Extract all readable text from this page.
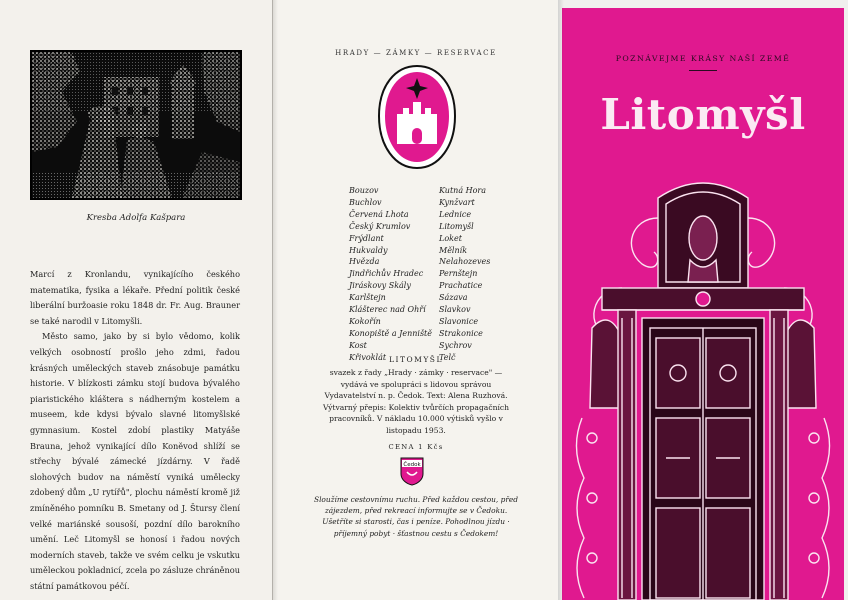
Kresba Adolfa Kašpara

Marcí z Kronlandu, vynikajícího českého matematika, fysika a lékaře. Přední politik české liberální buržoasie roku 1848 dr. Fr. Aug. Brauner se také narodil v Litomyšli.

Město samo, jako by si bylo vědomo, kolik velkých osobností prošlo jeho zdmi, řadou krásných uměleckých staveb znásobuje památku historie. V blízkosti zámku stojí budova bývalého piaristického kláštera s nádherným kostelem a museem, kde kdysi bývalo slavné litomyšlské gymnasium. Kostel zdobí plastiky Matyáše Brauna, jehož vynikající dílo Konĕvod shlíží se střechy bývalé zámecké jízdárny. V řadě slohových budov na náměstí vyniká umělecky zdobený dům „U rytířů", plochu náměstí kromě již zmíněného pomníku B. Smetany od J. Štursy člení velké mariánské sousoší, pozdní dílo barokního umění. Leč Litomyšl se honosí i řadou nových moderních staveb, takže ve svém celku je vskutku uměleckou pokladnicí, zcela po zásluze chráněnou státní památkovou péčí.

HRADY — ZÁMKY — RESERVACE
Bouzov
Buchlov
Červená Lhota
Český Krumlov
Frýdlant
Hukvaldy
Hvězda
Jindřichův Hradec
Jiráskovy Skály
Karlštejn
Klášterec nad Ohří
Kokořín
Konopiště a Jenniště
Kost
Křivoklát
Kutná Hora
Kynžvart
Lednice
Litomyšl
Loket
Mělník
Nelahozeves
Pernštejn
Prachatice
Sázava
Slavkov
Slavonice
Strakonice
Sychrov
Telč
LITOMYŠL
svazek z řady „Hrady · zámky · reservace" — vydává ve spolupráci s lidovou správou Vydavatelství n. p. Čedok. Text: Alena Ruzhová. Výtvarný přepis: Kolektiv tvůrčích propagačních pracovníků. V nákladu 10.000 výtisků vyšlo v listopadu 1953.
CENA 1 Kčs
Čedok
Sloužíme cestovnímu ruchu. Před každou cestou, před zájezdem, před rekreací informujte se v Čedoku. Ušetříte si starosti, čas i peníze. Pohodlnou jízdu · příjemný pobyt · šťastnou cestu s Čedokem!
POZNÁVEJME KRÁSY NAŠÍ ZEMĚ
Litomyšl
